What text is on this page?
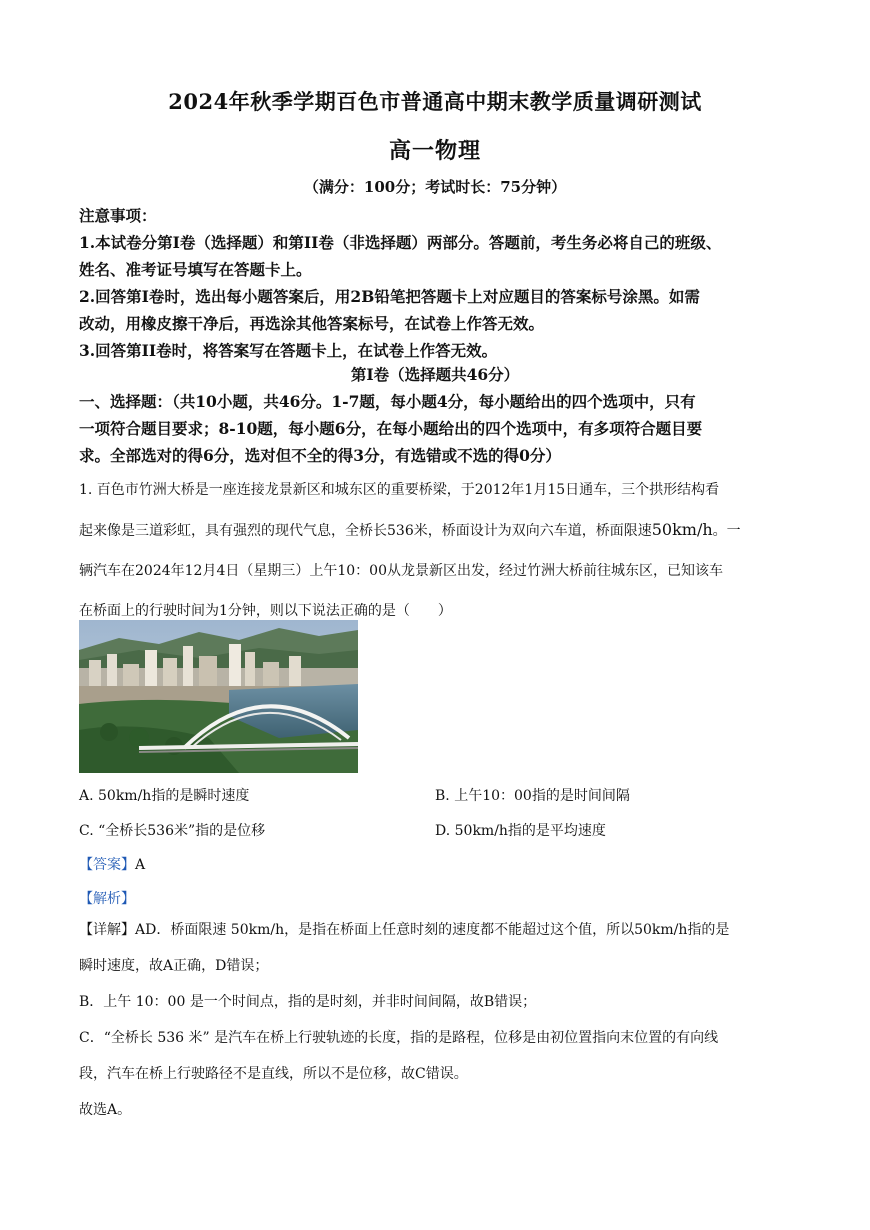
2024年秋季学期百色市普通高中期末教学质量调研测试
高一物理
（满分：100分；考试时长：75分钟）
注意事项：
1.本试卷分第Ⅰ卷（选择题）和第II卷（非选择题）两部分。答题前，考生务必将自己的班级、
姓名、准考证号填写在答题卡上。
2.回答第Ⅰ卷时，选出每小题答案后，用2B铅笔把答题卡上对应题目的答案标号涂黑。如需
改动，用橡皮擦干净后，再选涂其他答案标号，在试卷上作答无效。
3.回答第II卷时，将答案写在答题卡上，在试卷上作答无效。
第Ⅰ卷（选择题共46分）
一、选择题：（共10小题，共46分。1-7题，每小题4分，每小题给出的四个选项中，只有
一项符合题目要求；8-10题，每小题6分，在每小题给出的四个选项中，有多项符合题目要
求。全部选对的得6分，选对但不全的得3分，有选错或不选的得0分）
1. 百色市竹洲大桥是一座连接龙景新区和城东区的重要桥梁，于2012年1月15日通车，三个拱形结构看
起来像是三道彩虹，具有强烈的现代气息，全桥长536米，桥面设计为双向六车道，桥面限速50km/h。一
辆汽车在2024年12月4日（星期三）上午10：00从龙景新区出发，经过竹洲大桥前往城东区，已知该车
在桥面上的行驶时间为1分钟，则以下说法正确的是（　　）
A. 50km/h指的是瞬时速度	B. 上午10：00指的是时间间隔
C. “全桥长536米”指的是位移	D. 50km/h指的是平均速度
【答案】A
【解析】
【详解】AD．桥面限速 50km/h，是指在桥面上任意时刻的速度都不能超过这个值，所以50km/h指的是
瞬时速度，故A正确，D错误；
B．上午 10：00 是一个时间点，指的是时刻，并非时间间隔，故B错误；
C．“全桥长 536 米” 是汽车在桥上行驶轨迹的长度，指的是路程，位移是由初位置指向末位置的有向线
段，汽车在桥上行驶路径不是直线，所以不是位移，故C错误。
故选A。
